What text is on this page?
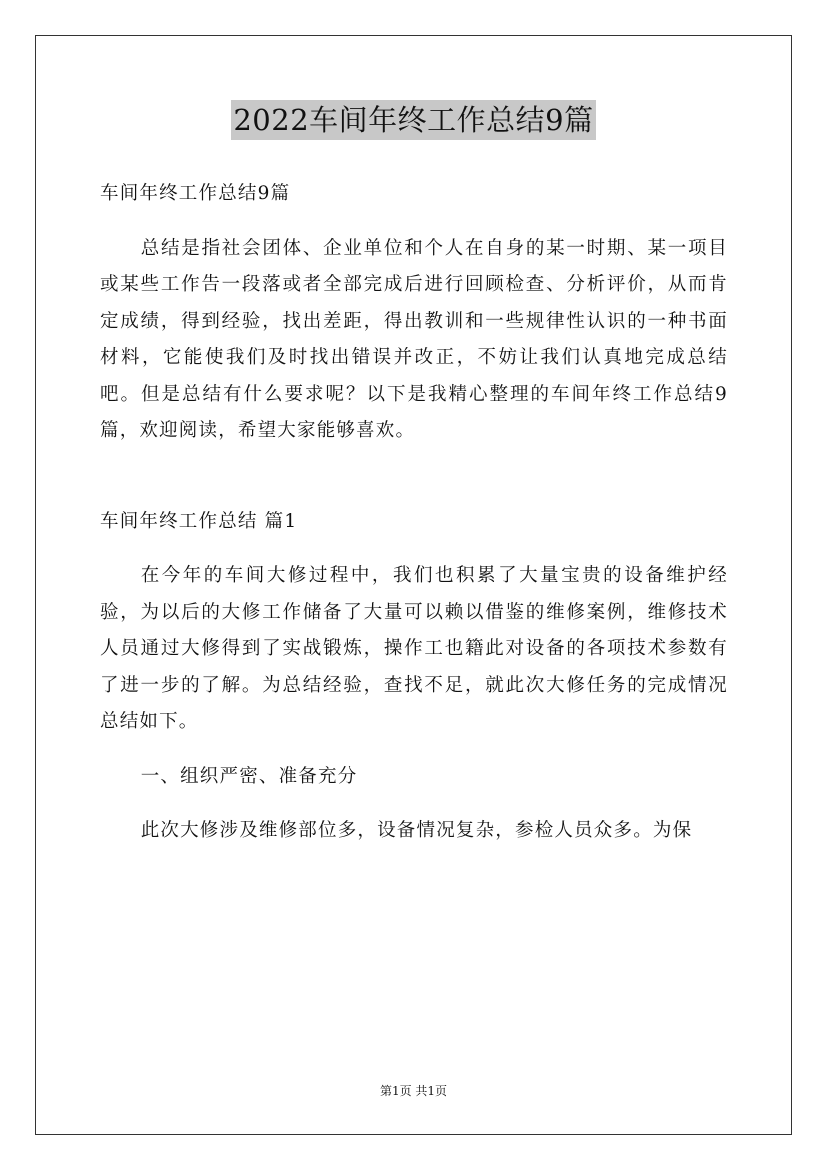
2022车间年终工作总结9篇

车间年终工作总结9篇

总结是指社会团体、企业单位和个人在自身的某一时期、某一项目或某些工作告一段落或者全部完成后进行回顾检查、分析评价，从而肯定成绩，得到经验，找出差距，得出教训和一些规律性认识的一种书面材料，它能使我们及时找出错误并改正，不妨让我们认真地完成总结吧。但是总结有什么要求呢？以下是我精心整理的车间年终工作总结9篇，欢迎阅读，希望大家能够喜欢。

车间年终工作总结 篇1

在今年的车间大修过程中，我们也积累了大量宝贵的设备维护经验，为以后的大修工作储备了大量可以赖以借鉴的维修案例，维修技术人员通过大修得到了实战锻炼，操作工也籍此对设备的各项技术参数有了进一步的了解。为总结经验，查找不足，就此次大修任务的完成情况总结如下。

一、组织严密、准备充分

此次大修涉及维修部位多，设备情况复杂，参检人员众多。为保

第1页 共1页
